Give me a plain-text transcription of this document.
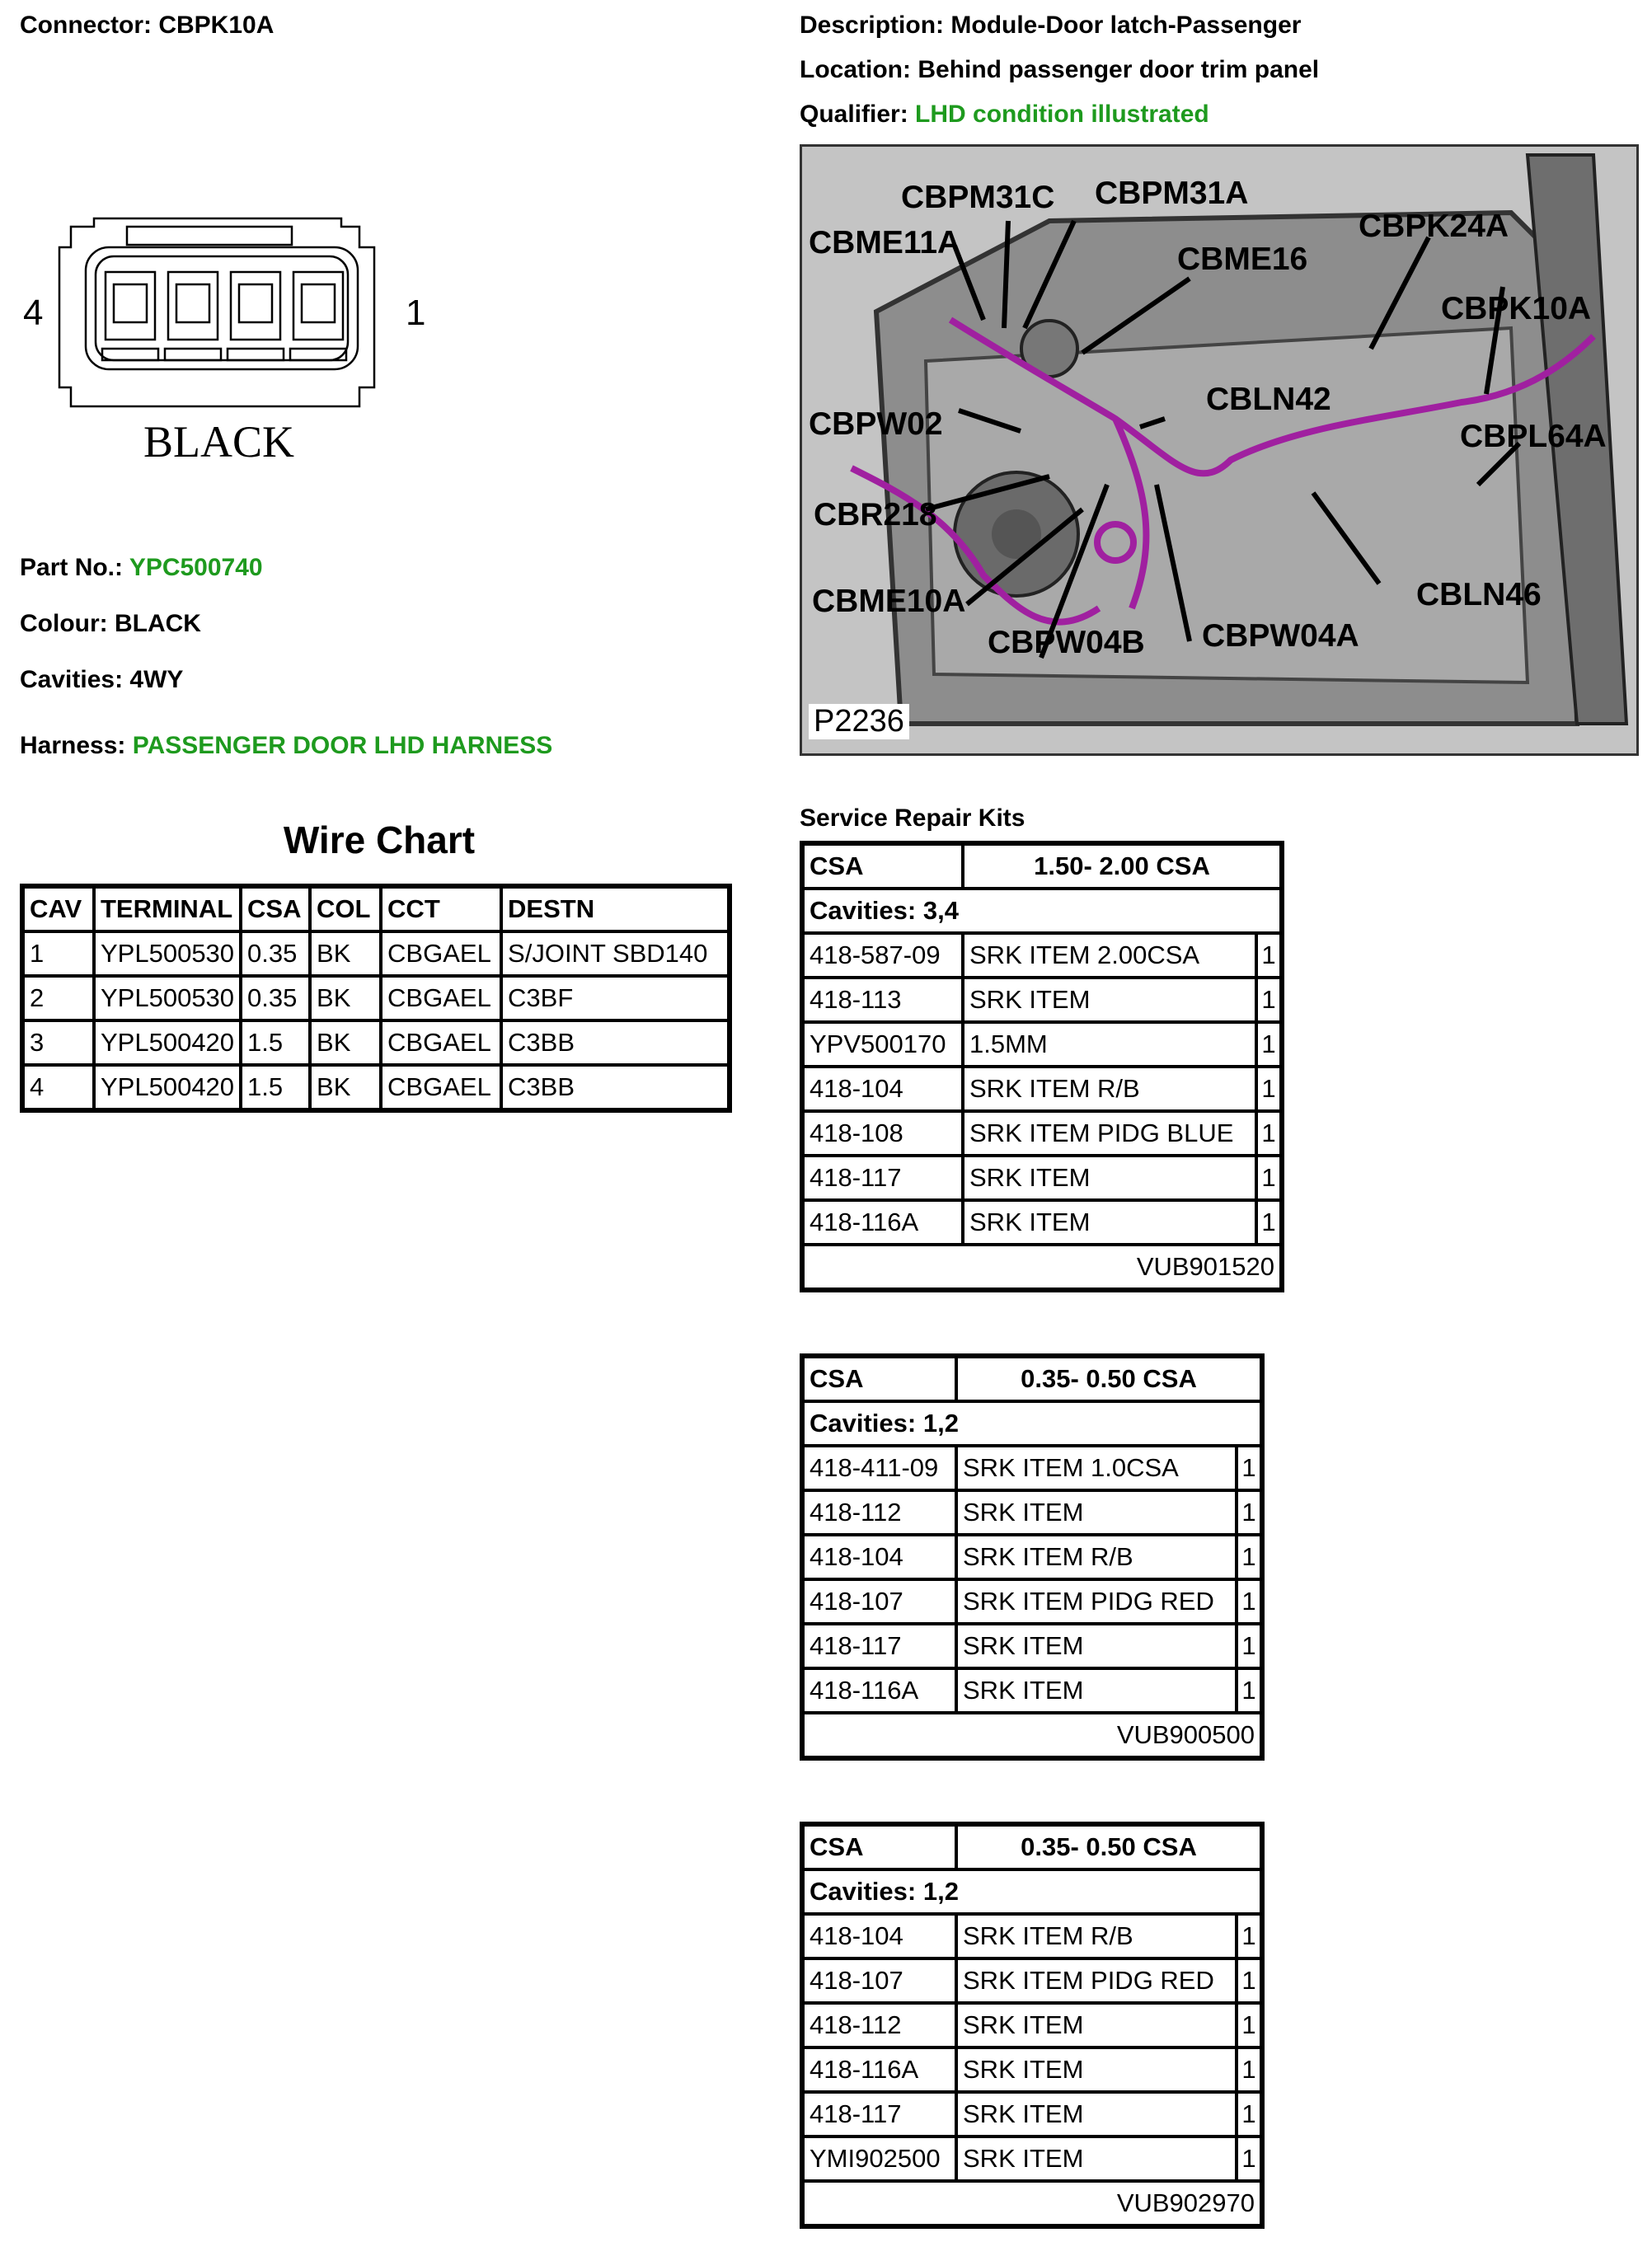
Connector: CBPK10A	Description: Module-Door latch-Passenger
Location: Behind passenger door trim panel
Qualifier: LHD condition illustrated
4	1
BLACK
Part No.: YPC500740
Colour: BLACK
Cavities: 4WY
Harness: PASSENGER DOOR LHD HARNESS
Wire Chart
CAV	TERMINAL	CSA	COL	CCT	DESTN
1	YPL500530	0.35	BK	CBGAEL	S/JOINT SBD140
2	YPL500530	0.35	BK	CBGAEL	C3BF
3	YPL500420	1.5	BK	CBGAEL	C3BB
4	YPL500420	1.5	BK	CBGAEL	C3BB
CBPM31C CBPM31A
CBME11A	CBME16
CBPK24A
CBPK10A
CBPW02
CBLN42
CBPL64A
CBR218
CBME10A
CBPW04B CBPW04A
CBLN46
P2236
Service Repair Kits
CSA	1.50- 2.00 CSA	
Cavities: 3,4		
418-587-09	SRK ITEM 2.00CSA	1
418-113	SRK ITEM	1
YPV500170	1.5MM	1
418-104	SRK ITEM R/B	1
418-108	SRK ITEM PIDG BLUE	1
418-117	SRK ITEM	1
418-116A	SRK ITEM	1
VUB901520		
CSA	0.35- 0.50 CSA	
Cavities: 1,2		
418-411-09	SRK ITEM 1.0CSA	1
418-112	SRK ITEM	1
418-104	SRK ITEM R/B	1
418-107	SRK ITEM PIDG RED	1
418-117	SRK ITEM	1
418-116A	SRK ITEM	1
VUB900500		
CSA	0.35- 0.50 CSA	
Cavities: 1,2		
418-104	SRK ITEM R/B	1
418-107	SRK ITEM PIDG RED	1
418-112	SRK ITEM	1
418-116A	SRK ITEM	1
418-117	SRK ITEM	1
YMI902500	SRK ITEM	1
VUB902970		
